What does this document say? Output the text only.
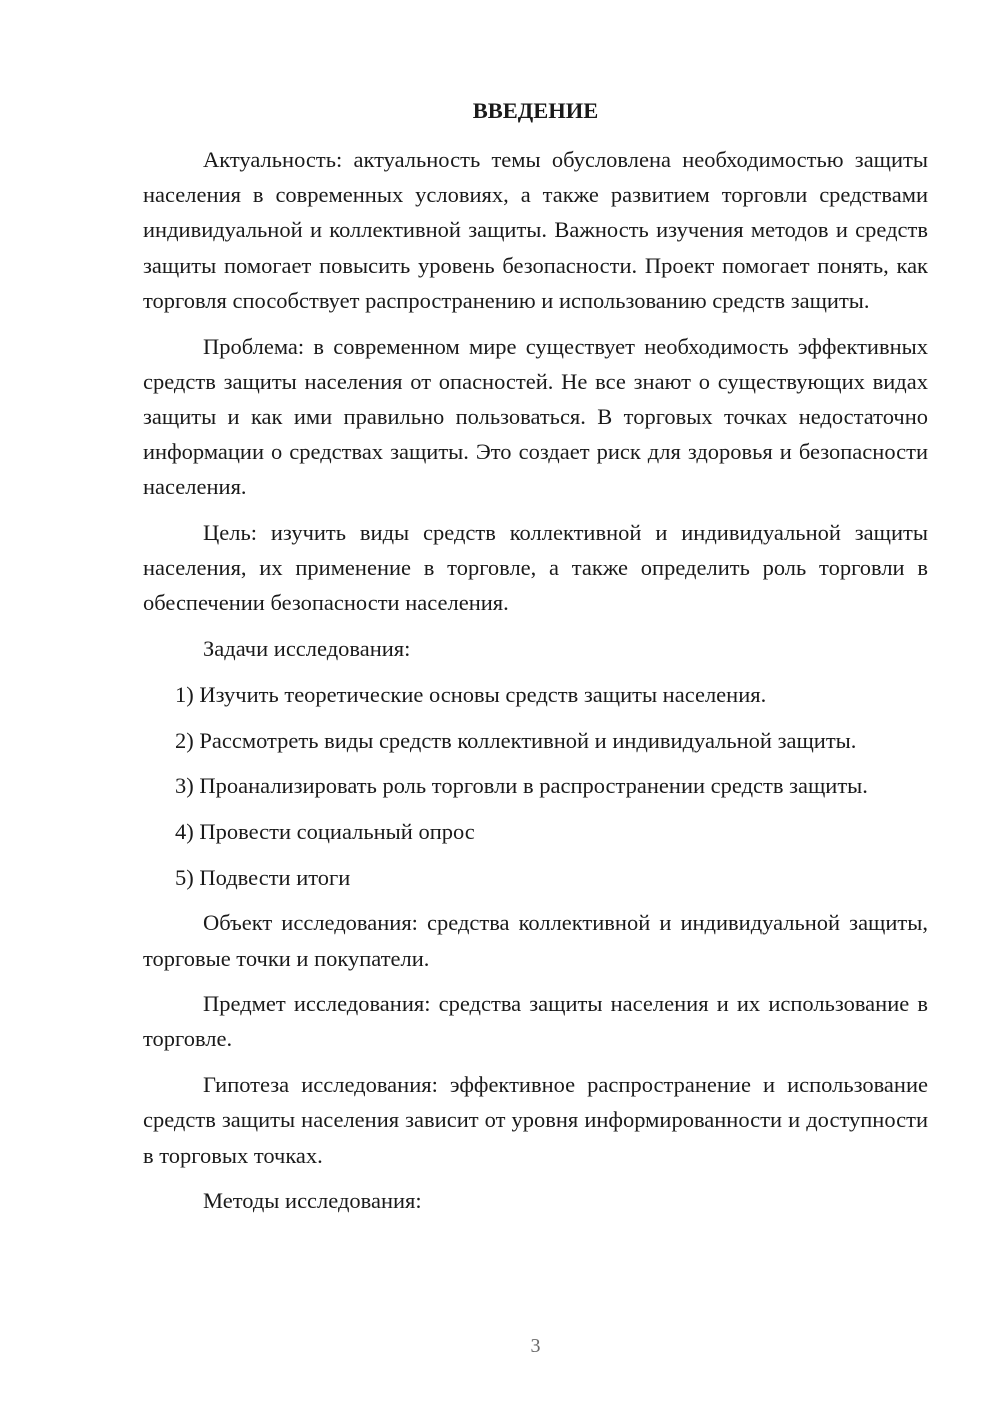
ВВЕДЕНИЕ

Актуальность: актуальность темы обусловлена необходимостью защиты населения в современных условиях, а также развитием торговли средствами индивидуальной и коллективной защиты. Важность изучения методов и средств защиты помогает повысить уровень безопасности. Проект помогает понять, как торговля способствует распространению и использованию средств защиты.

Проблема: в современном мире существует необходимость эффективных средств защиты населения от опасностей. Не все знают о существующих видах защиты и как ими правильно пользоваться. В торговых точках недостаточно информации о средствах защиты. Это создает риск для здоровья и безопасности населения.

Цель: изучить виды средств коллективной и индивидуальной защиты населения, их применение в торговле, а также определить роль торговли в обеспечении безопасности населения.

Задачи исследования:

1) Изучить теоретические основы средств защиты населения.

2) Рассмотреть виды средств коллективной и индивидуальной защиты.

3) Проанализировать роль торговли в распространении средств защиты.

4) Провести социальный опрос

5) Подвести итоги

Объект исследования: средства коллективной и индивидуальной защиты, торговые точки и покупатели.

Предмет исследования: средства защиты населения и их использование в торговле.

Гипотеза исследования: эффективное распространение и использование средств защиты населения зависит от уровня информированности и доступности в торговых точках.

Методы исследования:

3
